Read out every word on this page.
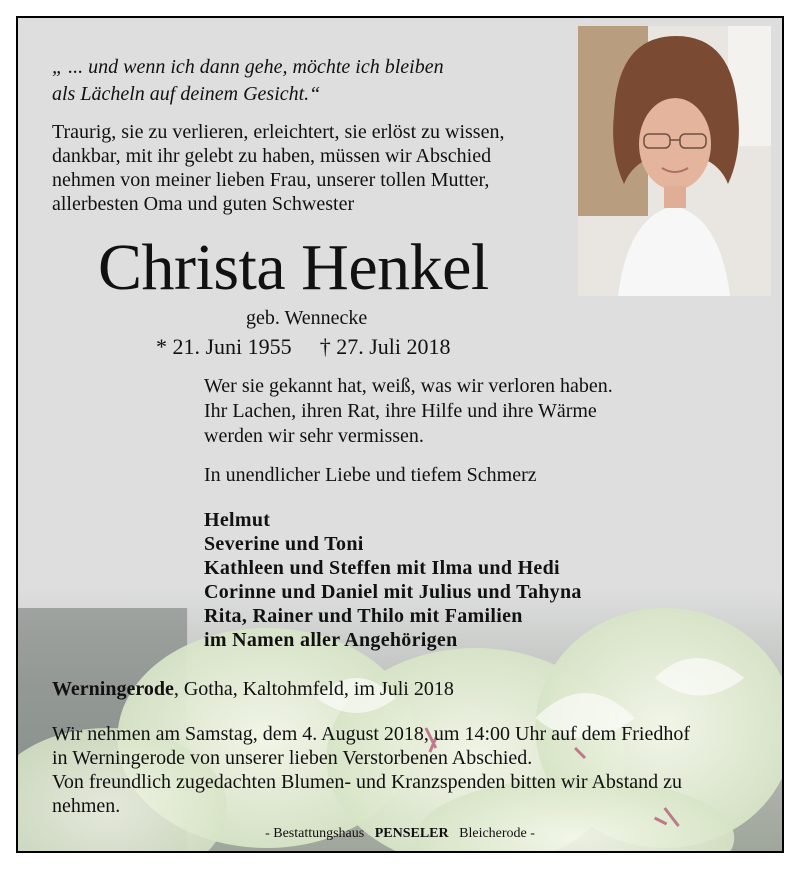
„ ... und wenn ich dann gehe, möchte ich bleiben
als Lächeln auf deinem Gesicht.“
Traurig, sie zu verlieren, erleichtert, sie erlöst zu wissen,
dankbar, mit ihr gelebt zu haben, müssen wir Abschied
nehmen von meiner lieben Frau, unserer tollen Mutter,
allerbesten Oma und guten Schwester
Christa Henkel
geb. Wennecke
* 21. Juni 1955 † 27. Juli 2018
Wer sie gekannt hat, weiß, was wir verloren haben.
Ihr Lachen, ihren Rat, ihre Hilfe und ihre Wärme
werden wir sehr vermissen.
In unendlicher Liebe und tiefem Schmerz
Helmut
Severine und Toni
Kathleen und Steffen mit Ilma und Hedi
Corinne und Daniel mit Julius und Tahyna
Rita, Rainer und Thilo mit Familien
im Namen aller Angehörigen
Werningerode, Gotha, Kaltohmfeld, im Juli 2018
Wir nehmen am Samstag, dem 4. August 2018, um 14:00 Uhr auf dem Friedhof
in Werningerode von unserer lieben Verstorbenen Abschied.
Von freundlich zugedachten Blumen- und Kranzspenden bitten wir Abstand zu
nehmen.
- Bestattungshaus PENSELER Bleicherode -
